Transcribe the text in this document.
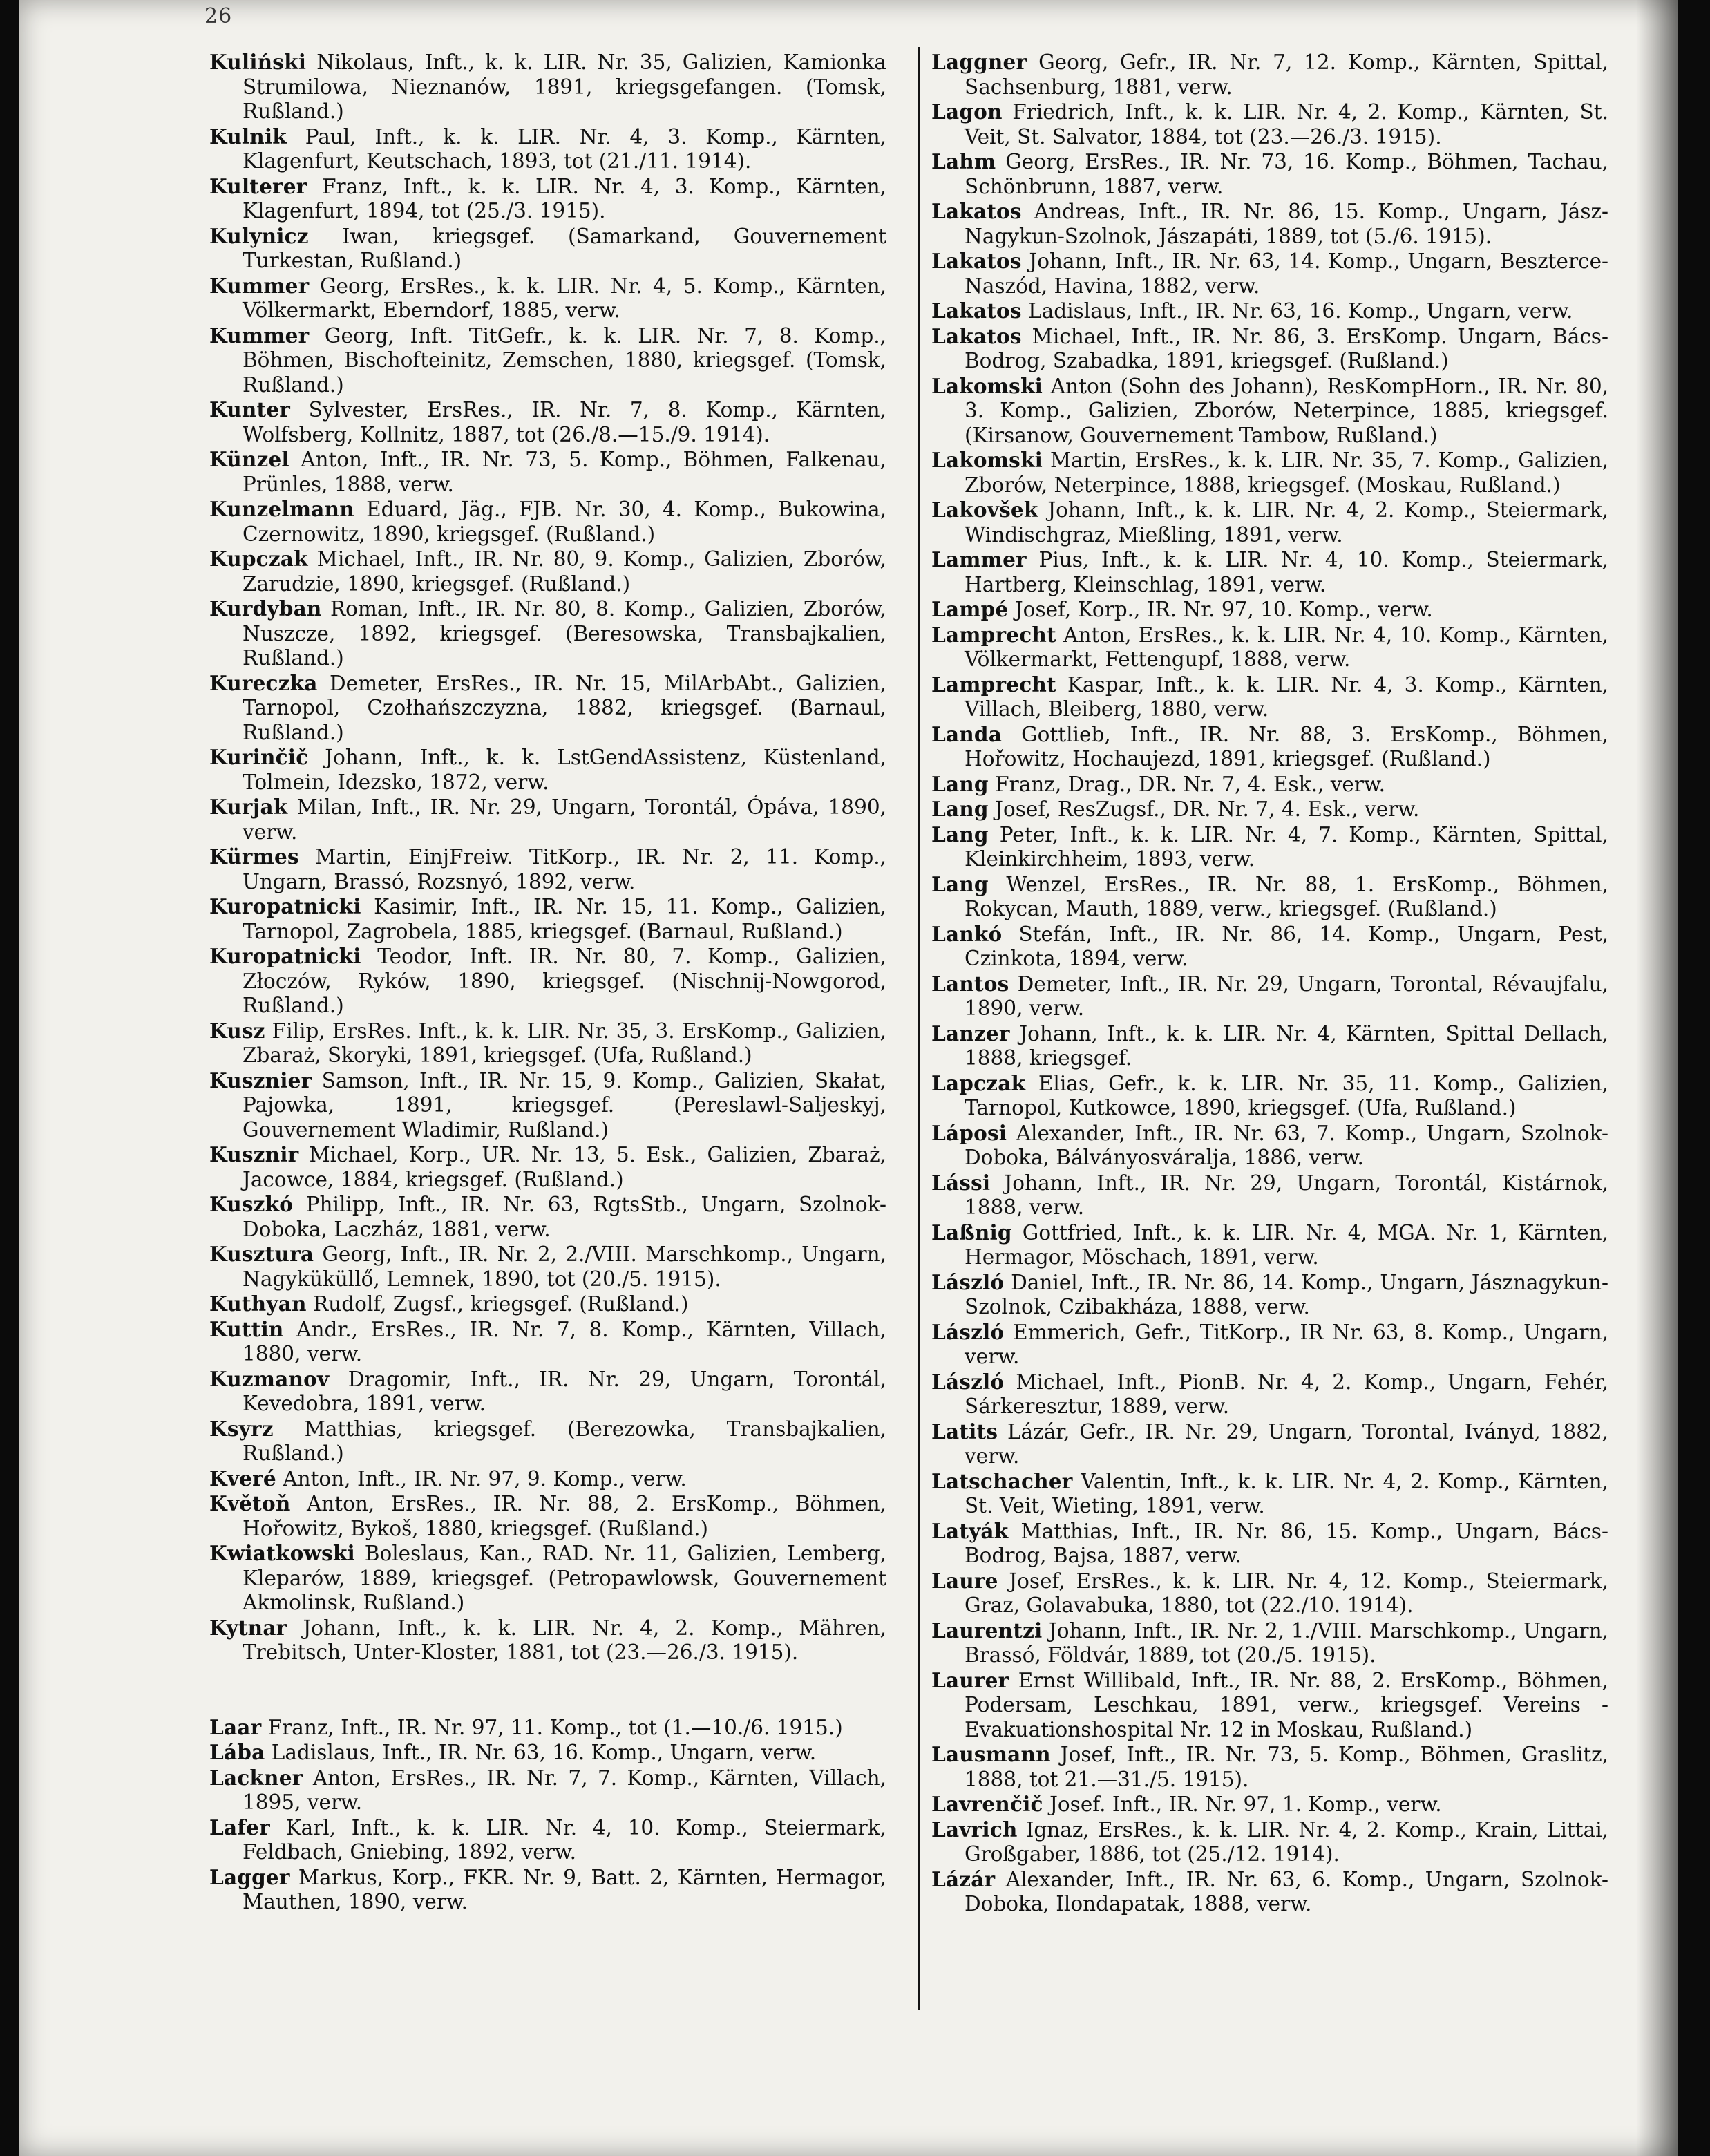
26

Kuliński Nikolaus, Inft., k. k. LIR. Nr. 35, Galizien, Kamionka Strumilowa, Nieznanów, 1891, kriegsgefangen. (Tomsk, Rußland.)

Kulnik Paul, Inft., k. k. LIR. Nr. 4, 3. Komp., Kärnten, Klagenfurt, Keutschach, 1893, tot (21./11. 1914).

Kulterer Franz, Inft., k. k. LIR. Nr. 4, 3. Komp., Kärnten, Klagenfurt, 1894, tot (25./3. 1915).

Kulynicz Iwan, kriegsgef. (Samarkand, Gouvernement Turkestan, Rußland.)

Kummer Georg, ErsRes., k. k. LIR. Nr. 4, 5. Komp., Kärnten, Völkermarkt, Eberndorf, 1885, verw.

Kummer Georg, Inft. TitGefr., k. k. LIR. Nr. 7, 8. Komp., Böhmen, Bischofteinitz, Zemschen, 1880, kriegsgef. (Tomsk, Rußland.)

Kunter Sylvester, ErsRes., IR. Nr. 7, 8. Komp., Kärnten, Wolfsberg, Kollnitz, 1887, tot (26./8.—15./9. 1914).

Künzel Anton, Inft., IR. Nr. 73, 5. Komp., Böhmen, Falkenau, Prünles, 1888, verw.

Kunzelmann Eduard, Jäg., FJB. Nr. 30, 4. Komp., Bukowina, Czernowitz, 1890, kriegsgef. (Rußland.)

Kupczak Michael, Inft., IR. Nr. 80, 9. Komp., Galizien, Zborów, Zarudzie, 1890, kriegsgef. (Rußland.)

Kurdyban Roman, Inft., IR. Nr. 80, 8. Komp., Galizien, Zborów, Nuszcze, 1892, kriegsgef. (Beresowska, Transbajkalien, Rußland.)

Kureczka Demeter, ErsRes., IR. Nr. 15, MilArbAbt., Galizien, Tarnopol, Czołhańszczyzna, 1882, kriegsgef. (Barnaul, Rußland.)

Kurinčič Johann, Inft., k. k. LstGendAssistenz, Küstenland, Tolmein, Idezsko, 1872, verw.

Kurjak Milan, Inft., IR. Nr. 29, Ungarn, Torontál, Ópáva, 1890, verw.

Kürmes Martin, EinjFreiw. TitKorp., IR. Nr. 2, 11. Komp., Ungarn, Brassó, Rozsnyó, 1892, verw.

Kuropatnicki Kasimir, Inft., IR. Nr. 15, 11. Komp., Galizien, Tarnopol, Zagrobela, 1885, kriegsgef. (Barnaul, Rußland.)

Kuropatnicki Teodor, Inft. IR. Nr. 80, 7. Komp., Galizien, Złoczów, Ryków, 1890, kriegsgef. (Nischnij-Nowgorod, Rußland.)

Kusz Filip, ErsRes. Inft., k. k. LIR. Nr. 35, 3. ErsKomp., Galizien, Zbaraż, Skoryki, 1891, kriegsgef. (Ufa, Rußland.)

Kusznier Samson, Inft., IR. Nr. 15, 9. Komp., Galizien, Skałat, Pajowka, 1891, kriegsgef. (Pereslawl-Saljeskyj, Gouvernement Wladimir, Rußland.)

Kusznir Michael, Korp., UR. Nr. 13, 5. Esk., Galizien, Zbaraż, Jacowce, 1884, kriegsgef. (Rußland.)

Kuszkó Philipp, Inft., IR. Nr. 63, RgtsStb., Ungarn, Szolnok-Doboka, Laczház, 1881, verw.

Kusztura Georg, Inft., IR. Nr. 2, 2./VIII. Marschkomp., Ungarn, Nagyküküllő, Lemnek, 1890, tot (20./5. 1915).

Kuthyan Rudolf, Zugsf., kriegsgef. (Rußland.)

Kuttin Andr., ErsRes., IR. Nr. 7, 8. Komp., Kärnten, Villach, 1880, verw.

Kuzmanov Dragomir, Inft., IR. Nr. 29, Ungarn, Torontál, Kevedobra, 1891, verw.

Ksyrz Matthias, kriegsgef. (Berezowka, Transbajkalien, Rußland.)

Kveré Anton, Inft., IR. Nr. 97, 9. Komp., verw.

Květoň Anton, ErsRes., IR. Nr. 88, 2. ErsKomp., Böhmen, Hořowitz, Bykoš, 1880, kriegsgef. (Rußland.)

Kwiatkowski Boleslaus, Kan., RAD. Nr. 11, Galizien, Lemberg, Kleparów, 1889, kriegsgef. (Petropawlowsk, Gouvernement Akmolinsk, Rußland.)

Kytnar Johann, Inft., k. k. LIR. Nr. 4, 2. Komp., Mähren, Trebitsch, Unter-Kloster, 1881, tot (23.—26./3. 1915).

Laar Franz, Inft., IR. Nr. 97, 11. Komp., tot (1.—10./6. 1915.)

Lába Ladislaus, Inft., IR. Nr. 63, 16. Komp., Ungarn, verw.

Lackner Anton, ErsRes., IR. Nr. 7, 7. Komp., Kärnten, Villach, 1895, verw.

Lafer Karl, Inft., k. k. LIR. Nr. 4, 10. Komp., Steiermark, Feldbach, Gniebing, 1892, verw.

Lagger Markus, Korp., FKR. Nr. 9, Batt. 2, Kärnten, Hermagor, Mauthen, 1890, verw.

Laggner Georg, Gefr., IR. Nr. 7, 12. Komp., Kärnten, Spittal, Sachsenburg, 1881, verw.

Lagon Friedrich, Inft., k. k. LIR. Nr. 4, 2. Komp., Kärnten, St. Veit, St. Salvator, 1884, tot (23.—26./3. 1915).

Lahm Georg, ErsRes., IR. Nr. 73, 16. Komp., Böhmen, Tachau, Schönbrunn, 1887, verw.

Lakatos Andreas, Inft., IR. Nr. 86, 15. Komp., Ungarn, Jász-Nagykun-Szolnok, Jászapáti, 1889, tot (5./6. 1915).

Lakatos Johann, Inft., IR. Nr. 63, 14. Komp., Ungarn, Beszterce-Naszód, Havina, 1882, verw.

Lakatos Ladislaus, Inft., IR. Nr. 63, 16. Komp., Ungarn, verw.

Lakatos Michael, Inft., IR. Nr. 86, 3. ErsKomp. Ungarn, Bács-Bodrog, Szabadka, 1891, kriegsgef. (Rußland.)

Lakomski Anton (Sohn des Johann), ResKompHorn., IR. Nr. 80, 3. Komp., Galizien, Zborów, Neterpince, 1885, kriegsgef. (Kirsanow, Gouvernement Tambow, Rußland.)

Lakomski Martin, ErsRes., k. k. LIR. Nr. 35, 7. Komp., Galizien, Zborów, Neterpince, 1888, kriegsgef. (Moskau, Rußland.)

Lakovšek Johann, Inft., k. k. LIR. Nr. 4, 2. Komp., Steiermark, Windischgraz, Mießling, 1891, verw.

Lammer Pius, Inft., k. k. LIR. Nr. 4, 10. Komp., Steiermark, Hartberg, Kleinschlag, 1891, verw.

Lampé Josef, Korp., IR. Nr. 97, 10. Komp., verw.

Lamprecht Anton, ErsRes., k. k. LIR. Nr. 4, 10. Komp., Kärnten, Völkermarkt, Fettengupf, 1888, verw.

Lamprecht Kaspar, Inft., k. k. LIR. Nr. 4, 3. Komp., Kärnten, Villach, Bleiberg, 1880, verw.

Landa Gottlieb, Inft., IR. Nr. 88, 3. ErsKomp., Böhmen, Hořowitz, Hochaujezd, 1891, kriegsgef. (Rußland.)

Lang Franz, Drag., DR. Nr. 7, 4. Esk., verw.

Lang Josef, ResZugsf., DR. Nr. 7, 4. Esk., verw.

Lang Peter, Inft., k. k. LIR. Nr. 4, 7. Komp., Kärnten, Spittal, Kleinkirchheim, 1893, verw.

Lang Wenzel, ErsRes., IR. Nr. 88, 1. ErsKomp., Böhmen, Rokycan, Mauth, 1889, verw., kriegsgef. (Rußland.)

Lankó Stefán, Inft., IR. Nr. 86, 14. Komp., Ungarn, Pest, Czinkota, 1894, verw.

Lantos Demeter, Inft., IR. Nr. 29, Ungarn, Torontal, Révaujfalu, 1890, verw.

Lanzer Johann, Inft., k. k. LIR. Nr. 4, Kärnten, Spittal Dellach, 1888, kriegsgef.

Lapczak Elias, Gefr., k. k. LIR. Nr. 35, 11. Komp., Galizien, Tarnopol, Kutkowce, 1890, kriegsgef. (Ufa, Rußland.)

Láposi Alexander, Inft., IR. Nr. 63, 7. Komp., Ungarn, Szolnok-Doboka, Bálványosváralja, 1886, verw.

Lássi Johann, Inft., IR. Nr. 29, Ungarn, Torontál, Kistárnok, 1888, verw.

Laßnig Gottfried, Inft., k. k. LIR. Nr. 4, MGA. Nr. 1, Kärnten, Hermagor, Möschach, 1891, verw.

László Daniel, Inft., IR. Nr. 86, 14. Komp., Ungarn, Jásznagykun-Szolnok, Czibakháza, 1888, verw.

László Emmerich, Gefr., TitKorp., IR Nr. 63, 8. Komp., Ungarn, verw.

László Michael, Inft., PionB. Nr. 4, 2. Komp., Ungarn, Fehér, Sárkeresztur, 1889, verw.

Latits Lázár, Gefr., IR. Nr. 29, Ungarn, Torontal, Iványd, 1882, verw.

Latschacher Valentin, Inft., k. k. LIR. Nr. 4, 2. Komp., Kärnten, St. Veit, Wieting, 1891, verw.

Latyák Matthias, Inft., IR. Nr. 86, 15. Komp., Ungarn, Bács-Bodrog, Bajsa, 1887, verw.

Laure Josef, ErsRes., k. k. LIR. Nr. 4, 12. Komp., Steiermark, Graz, Golavabuka, 1880, tot (22./10. 1914).

Laurentzi Johann, Inft., IR. Nr. 2, 1./VIII. Marschkomp., Ungarn, Brassó, Földvár, 1889, tot (20./5. 1915).

Laurer Ernst Willibald, Inft., IR. Nr. 88, 2. ErsKomp., Böhmen, Podersam, Leschkau, 1891, verw., kriegsgef. Vereins - Evakuationshospital Nr. 12 in Moskau, Rußland.)

Lausmann Josef, Inft., IR. Nr. 73, 5. Komp., Böhmen, Graslitz, 1888, tot 21.—31./5. 1915).

Lavrenčič Josef. Inft., IR. Nr. 97, 1. Komp., verw.

Lavrich Ignaz, ErsRes., k. k. LIR. Nr. 4, 2. Komp., Krain, Littai, Großgaber, 1886, tot (25./12. 1914).

Lázár Alexander, Inft., IR. Nr. 63, 6. Komp., Ungarn, Szolnok-Doboka, Ilondapatak, 1888, verw.
